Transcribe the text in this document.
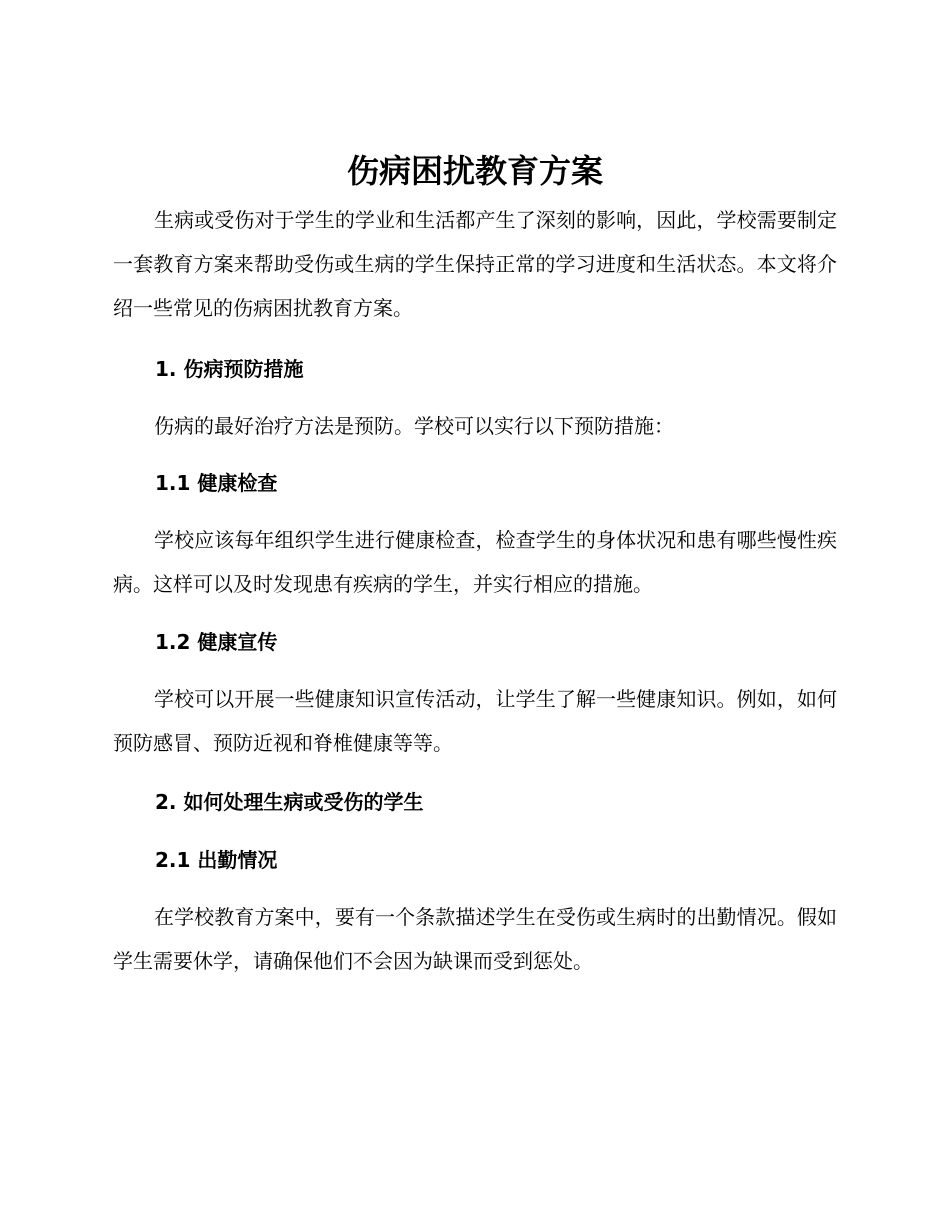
伤病困扰教育方案

生病或受伤对于学生的学业和生活都产生了深刻的影响，因此，学校需要制定一套教育方案来帮助受伤或生病的学生保持正常的学习进度和生活状态。本文将介绍一些常见的伤病困扰教育方案。

1. 伤病预防措施

伤病的最好治疗方法是预防。学校可以实行以下预防措施：

1.1 健康检查

学校应该每年组织学生进行健康检查，检查学生的身体状况和患有哪些慢性疾病。这样可以及时发现患有疾病的学生，并实行相应的措施。

1.2 健康宣传

学校可以开展一些健康知识宣传活动，让学生了解一些健康知识。例如，如何预防感冒、预防近视和脊椎健康等等。

2. 如何处理生病或受伤的学生
2.1 出勤情况

在学校教育方案中，要有一个条款描述学生在受伤或生病时的出勤情况。假如学生需要休学，请确保他们不会因为缺课而受到惩处。
